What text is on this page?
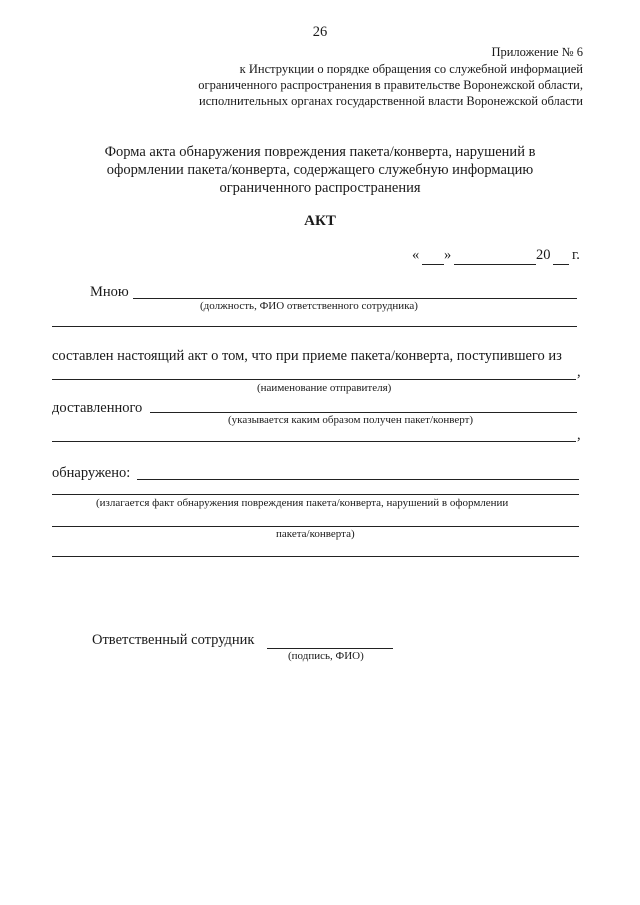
26
Приложение № 6
к Инструкции о порядке обращения со служебной информацией
ограниченного распространения в правительстве Воронежской области,
исполнительных органах государственной власти Воронежской области
Форма акта обнаружения повреждения пакета/конверта, нарушений в
оформлении пакета/конверта, содержащего служебную информацию
ограниченного распространения
АКТ
« »	20 г.
Мною
(должность, ФИО ответственного сотрудника)
составлен настоящий акт о том, что при приеме пакета/конверта, поступившего из
,
(наименование отправителя)
доставленного
(указывается каким образом получен пакет/конверт)
,
обнаружено:
(излагается факт обнаружения повреждения пакета/конверта, нарушений в оформлении
пакета/конверта)
Ответственный сотрудник
(подпись, ФИО)
